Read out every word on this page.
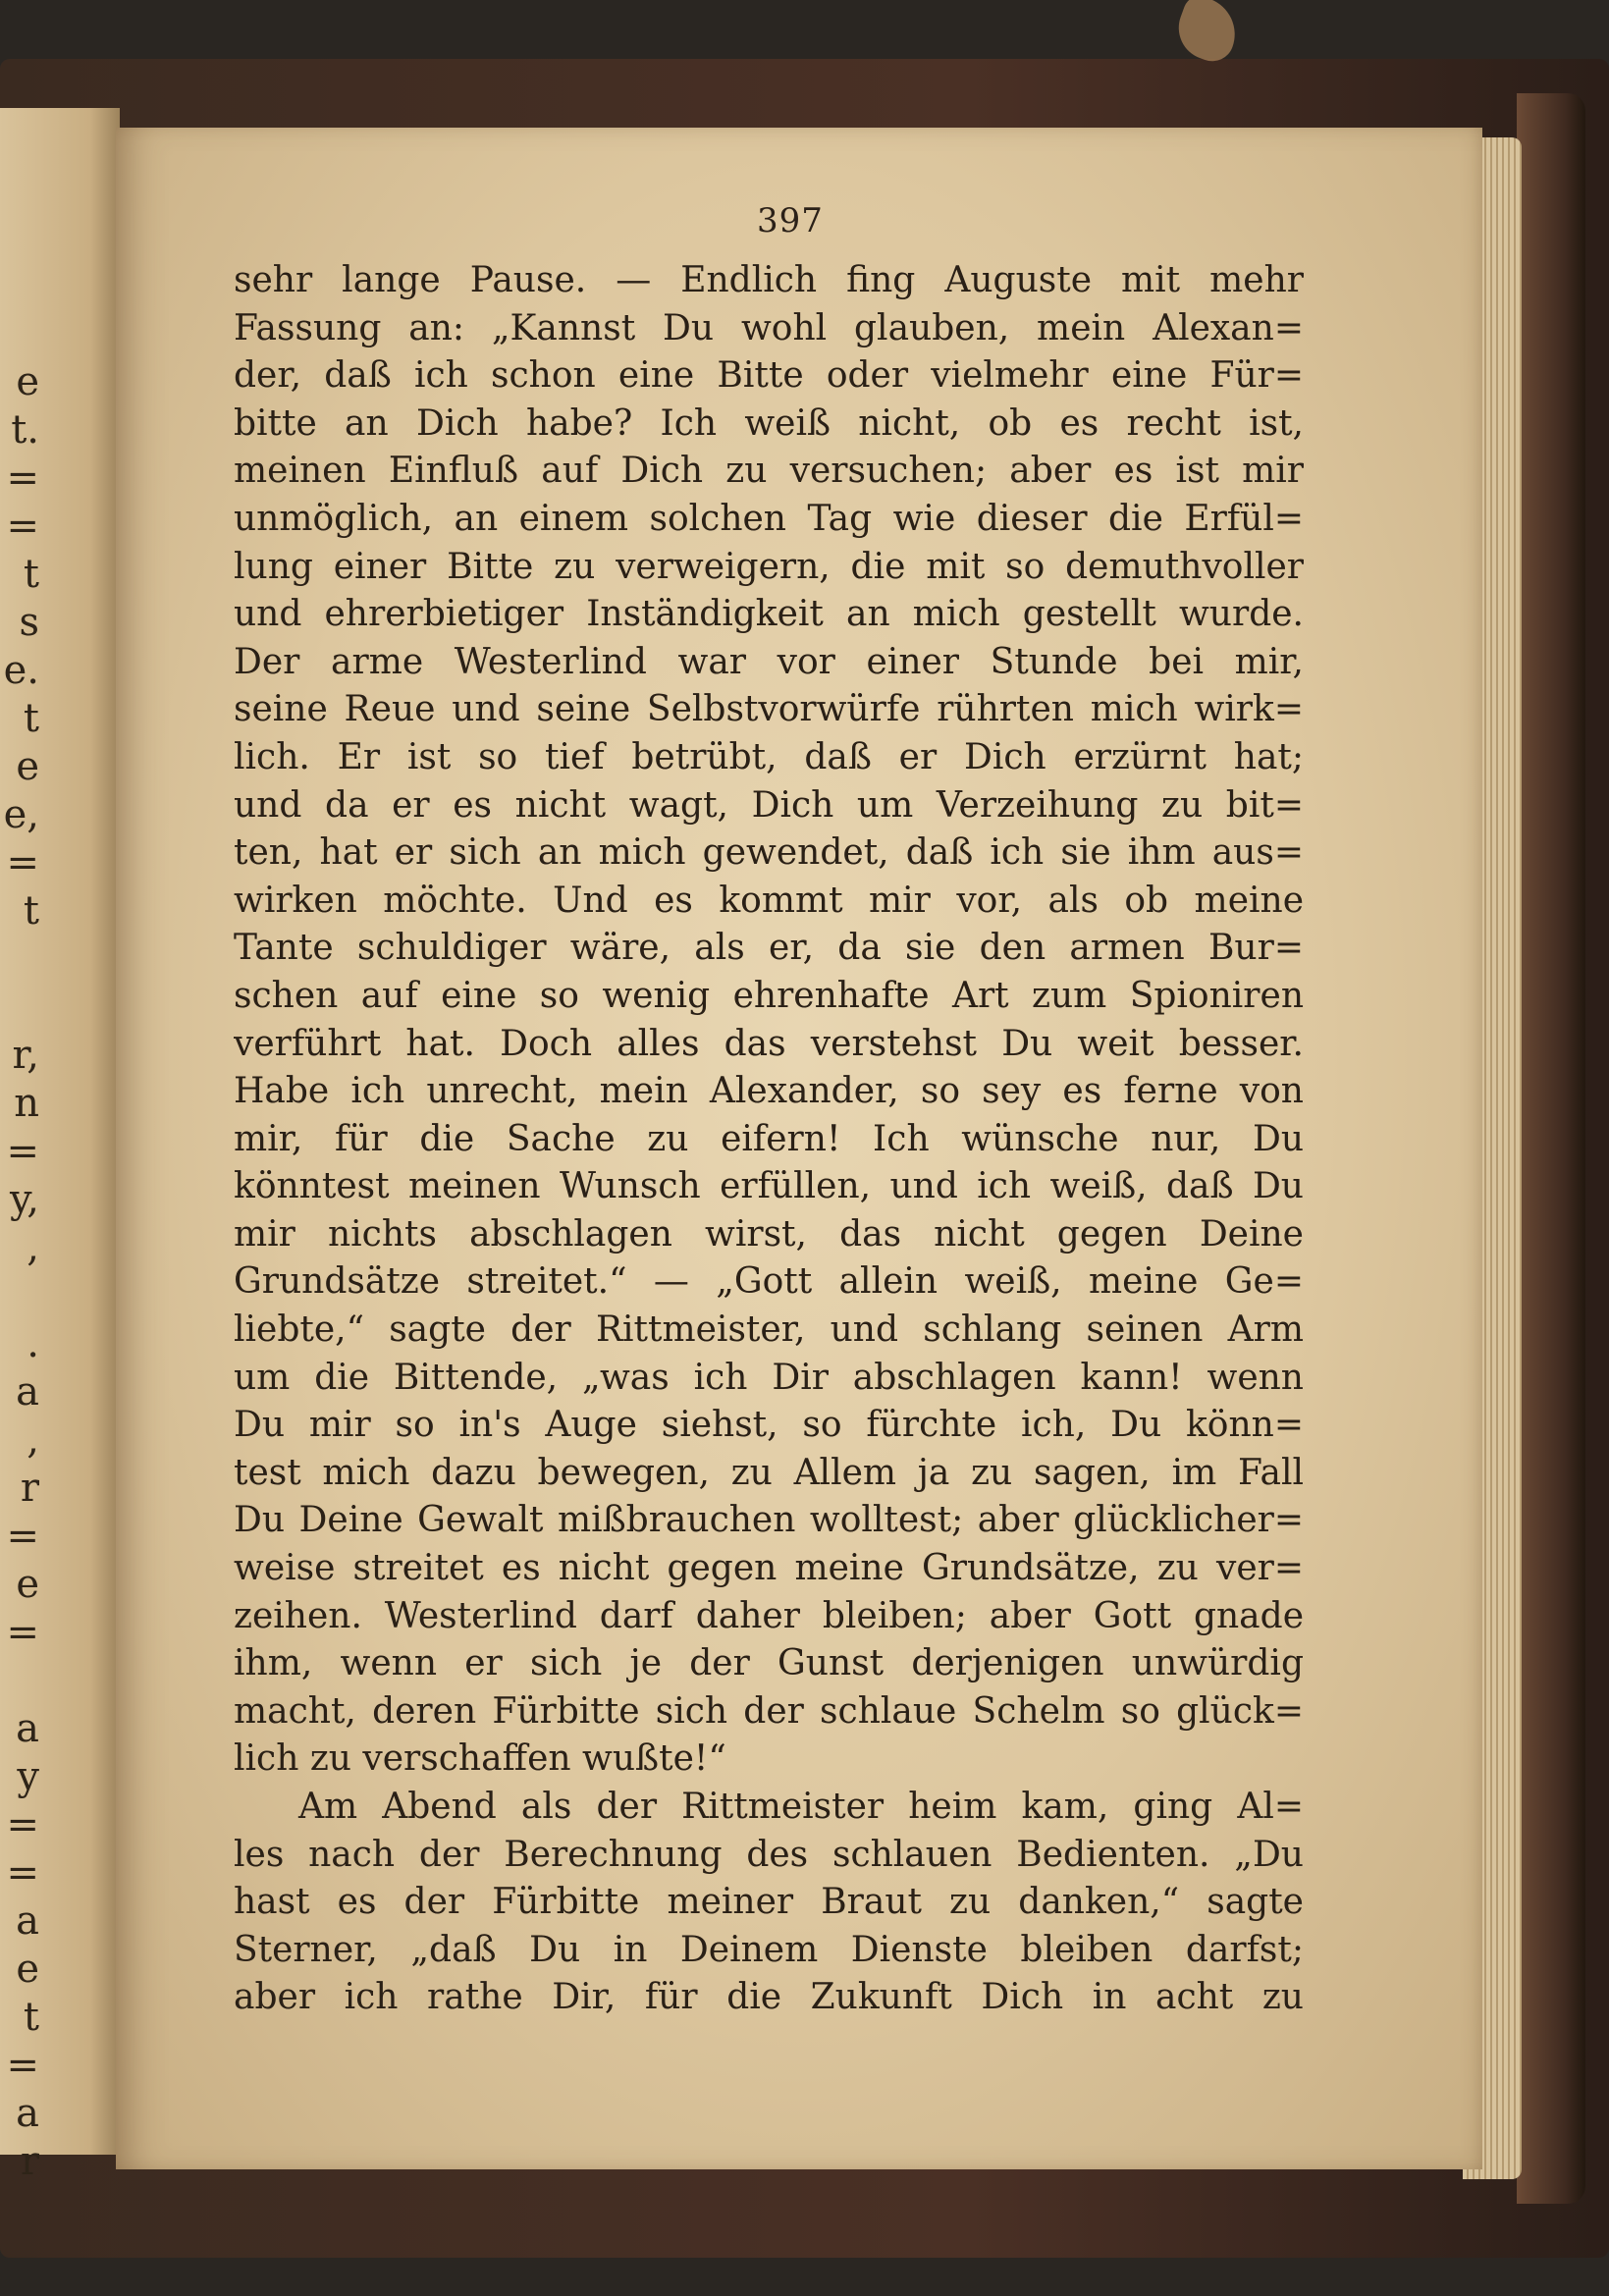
e
t.
=
=
t
s
e.
t
e
e,
=
t
r,
n
=
y,
,
.
a
,
r
=
e
=
a
y
=
=
a
e
t
=
a
r
397
sehr lange Pause. — Endlich fing Auguste mit mehr
Fassung an: „Kannst Du wohl glauben, mein Alexan=
der, daß ich schon eine Bitte oder vielmehr eine Für=
bitte an Dich habe? Ich weiß nicht, ob es recht ist,
meinen Einfluß auf Dich zu versuchen; aber es ist mir
unmöglich, an einem solchen Tag wie dieser die Erfül=
lung einer Bitte zu verweigern, die mit so demuthvoller
und ehrerbietiger Inständigkeit an mich gestellt wurde.
Der arme Westerlind war vor einer Stunde bei mir,
seine Reue und seine Selbstvorwürfe rührten mich wirk=
lich. Er ist so tief betrübt, daß er Dich erzürnt hat;
und da er es nicht wagt, Dich um Verzeihung zu bit=
ten, hat er sich an mich gewendet, daß ich sie ihm aus=
wirken möchte. Und es kommt mir vor, als ob meine
Tante schuldiger wäre, als er, da sie den armen Bur=
schen auf eine so wenig ehrenhafte Art zum Spioniren
verführt hat. Doch alles das verstehst Du weit besser.
Habe ich unrecht, mein Alexander, so sey es ferne von
mir, für die Sache zu eifern! Ich wünsche nur, Du
könntest meinen Wunsch erfüllen, und ich weiß, daß Du
mir nichts abschlagen wirst, das nicht gegen Deine
Grundsätze streitet.“ — „Gott allein weiß, meine Ge=
liebte,“ sagte der Rittmeister, und schlang seinen Arm
um die Bittende, „was ich Dir abschlagen kann! wenn
Du mir so in's Auge siehst, so fürchte ich, Du könn=
test mich dazu bewegen, zu Allem ja zu sagen, im Fall
Du Deine Gewalt mißbrauchen wolltest; aber glücklicher=
weise streitet es nicht gegen meine Grundsätze, zu ver=
zeihen. Westerlind darf daher bleiben; aber Gott gnade
ihm, wenn er sich je der Gunst derjenigen unwürdig
macht, deren Fürbitte sich der schlaue Schelm so glück=
lich zu verschaffen wußte!“
Am Abend als der Rittmeister heim kam, ging Al=
les nach der Berechnung des schlauen Bedienten. „Du
hast es der Fürbitte meiner Braut zu danken,“ sagte
Sterner, „daß Du in Deinem Dienste bleiben darfst;
aber ich rathe Dir, für die Zukunft Dich in acht zu
